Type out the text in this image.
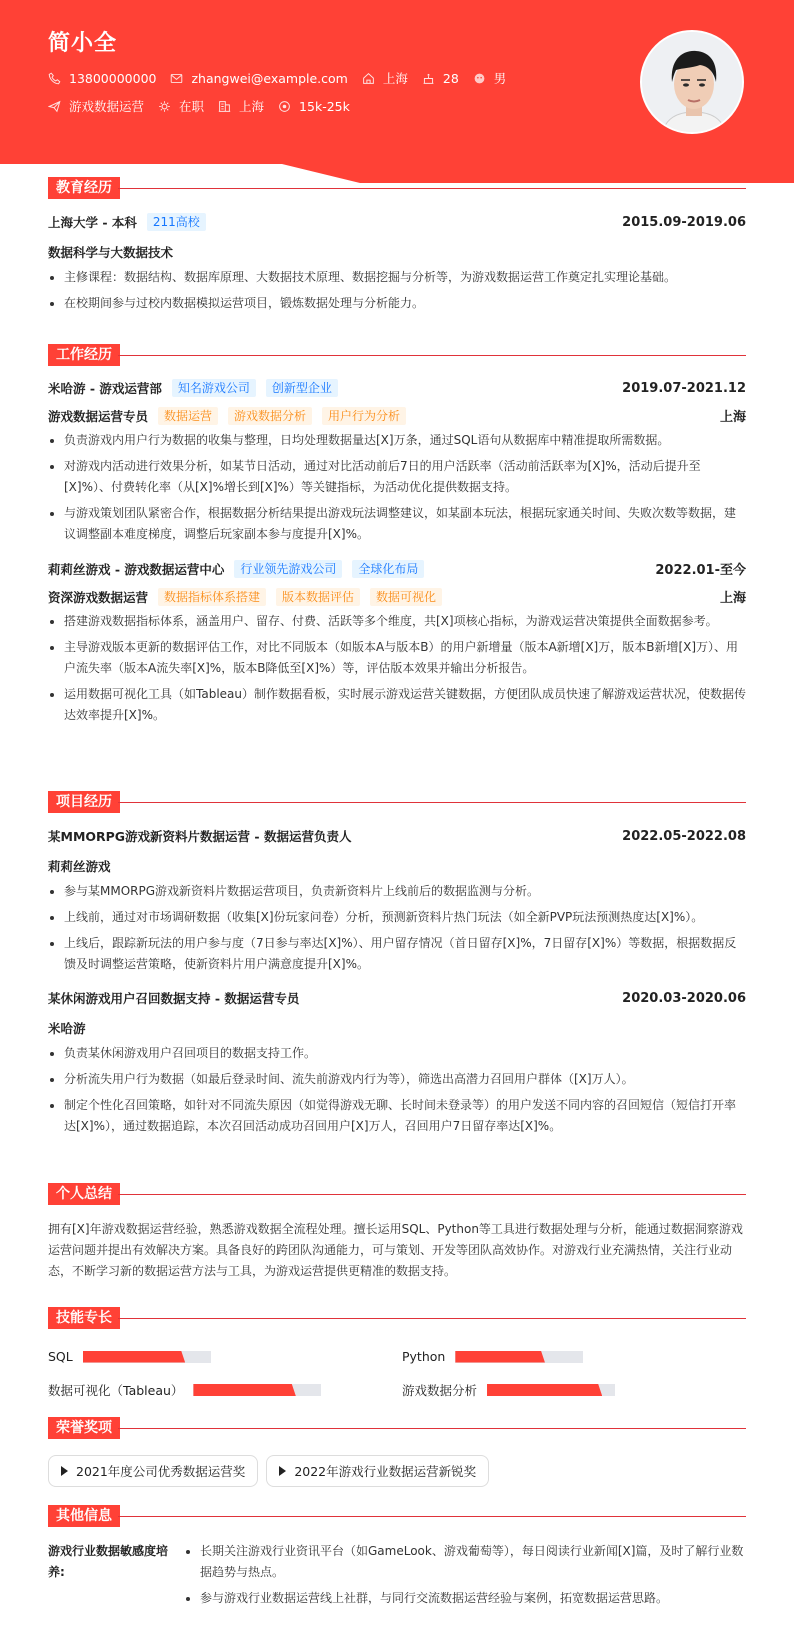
简小全
13800000000	zhangwei@example.com	上海	28	男
游戏数据运营	在职	上海	15k-25k
教育经历
上海大学 - 本科	211高校	2015.09-2019.06
数据科学与大数据技术
主修课程：数据结构、数据库原理、大数据技术原理、数据挖掘与分析等，为游戏数据运营工作奠定扎实理论基础。
在校期间参与过校内数据模拟运营项目，锻炼数据处理与分析能力。
工作经历
米哈游 - 游戏运营部	知名游戏公司	创新型企业	2019.07-2021.12
游戏数据运营专员	数据运营	游戏数据分析	用户行为分析	上海
负责游戏内用户行为数据的收集与整理，日均处理数据量达[X]万条，通过SQL语句从数据库中精准提取所需数据。
对游戏内活动进行效果分析，如某节日活动，通过对比活动前后7日的用户活跃率（活动前活跃率为[X]%，活动后提升至[X]%）、付费转化率（从[X]%增长到[X]%）等关键指标，为活动优化提供数据支持。
与游戏策划团队紧密合作，根据数据分析结果提出游戏玩法调整建议，如某副本玩法，根据玩家通关时间、失败次数等数据，建议调整副本难度梯度，调整后玩家副本参与度提升[X]%。
莉莉丝游戏 - 游戏数据运营中心	行业领先游戏公司	全球化布局	2022.01-至今
资深游戏数据运营	数据指标体系搭建	版本数据评估	数据可视化	上海
搭建游戏数据指标体系，涵盖用户、留存、付费、活跃等多个维度，共[X]项核心指标，为游戏运营决策提供全面数据参考。
主导游戏版本更新的数据评估工作，对比不同版本（如版本A与版本B）的用户新增量（版本A新增[X]万，版本B新增[X]万）、用户流失率（版本A流失率[X]%，版本B降低至[X]%）等，评估版本效果并输出分析报告。
运用数据可视化工具（如Tableau）制作数据看板，实时展示游戏运营关键数据，方便团队成员快速了解游戏运营状况，使数据传达效率提升[X]%。
项目经历
某MMORPG游戏新资料片数据运营 - 数据运营负责人	2022.05-2022.08
莉莉丝游戏
参与某MMORPG游戏新资料片数据运营项目，负责新资料片上线前后的数据监测与分析。
上线前，通过对市场调研数据（收集[X]份玩家问卷）分析，预测新资料片热门玩法（如全新PVP玩法预测热度达[X]%）。
上线后，跟踪新玩法的用户参与度（7日参与率达[X]%）、用户留存情况（首日留存[X]%，7日留存[X]%）等数据，根据数据反馈及时调整运营策略，使新资料片用户满意度提升[X]%。
某休闲游戏用户召回数据支持 - 数据运营专员	2020.03-2020.06
米哈游
负责某休闲游戏用户召回项目的数据支持工作。
分析流失用户行为数据（如最后登录时间、流失前游戏内行为等），筛选出高潜力召回用户群体（[X]万人）。
制定个性化召回策略，如针对不同流失原因（如觉得游戏无聊、长时间未登录等）的用户发送不同内容的召回短信（短信打开率达[X]%），通过数据追踪，本次召回活动成功召回用户[X]万人，召回用户7日留存率达[X]%。
个人总结
拥有[X]年游戏数据运营经验，熟悉游戏数据全流程处理。擅长运用SQL、Python等工具进行数据处理与分析，能通过数据洞察游戏运营问题并提出有效解决方案。具备良好的跨团队沟通能力，可与策划、开发等团队高效协作。对游戏行业充满热情，关注行业动态，不断学习新的数据运营方法与工具，为游戏运营提供更精准的数据支持。
技能专长
SQL	Python
数据可视化（Tableau）	游戏数据分析
荣誉奖项
2021年度公司优秀数据运营奖	2022年游戏行业数据运营新锐奖
其他信息
游戏行业数据敏感度培养:
长期关注游戏行业资讯平台（如GameLook、游戏葡萄等），每日阅读行业新闻[X]篇，及时了解行业数据趋势与热点。
参与游戏行业数据运营线上社群，与同行交流数据运营经验与案例，拓宽数据运营思路。
